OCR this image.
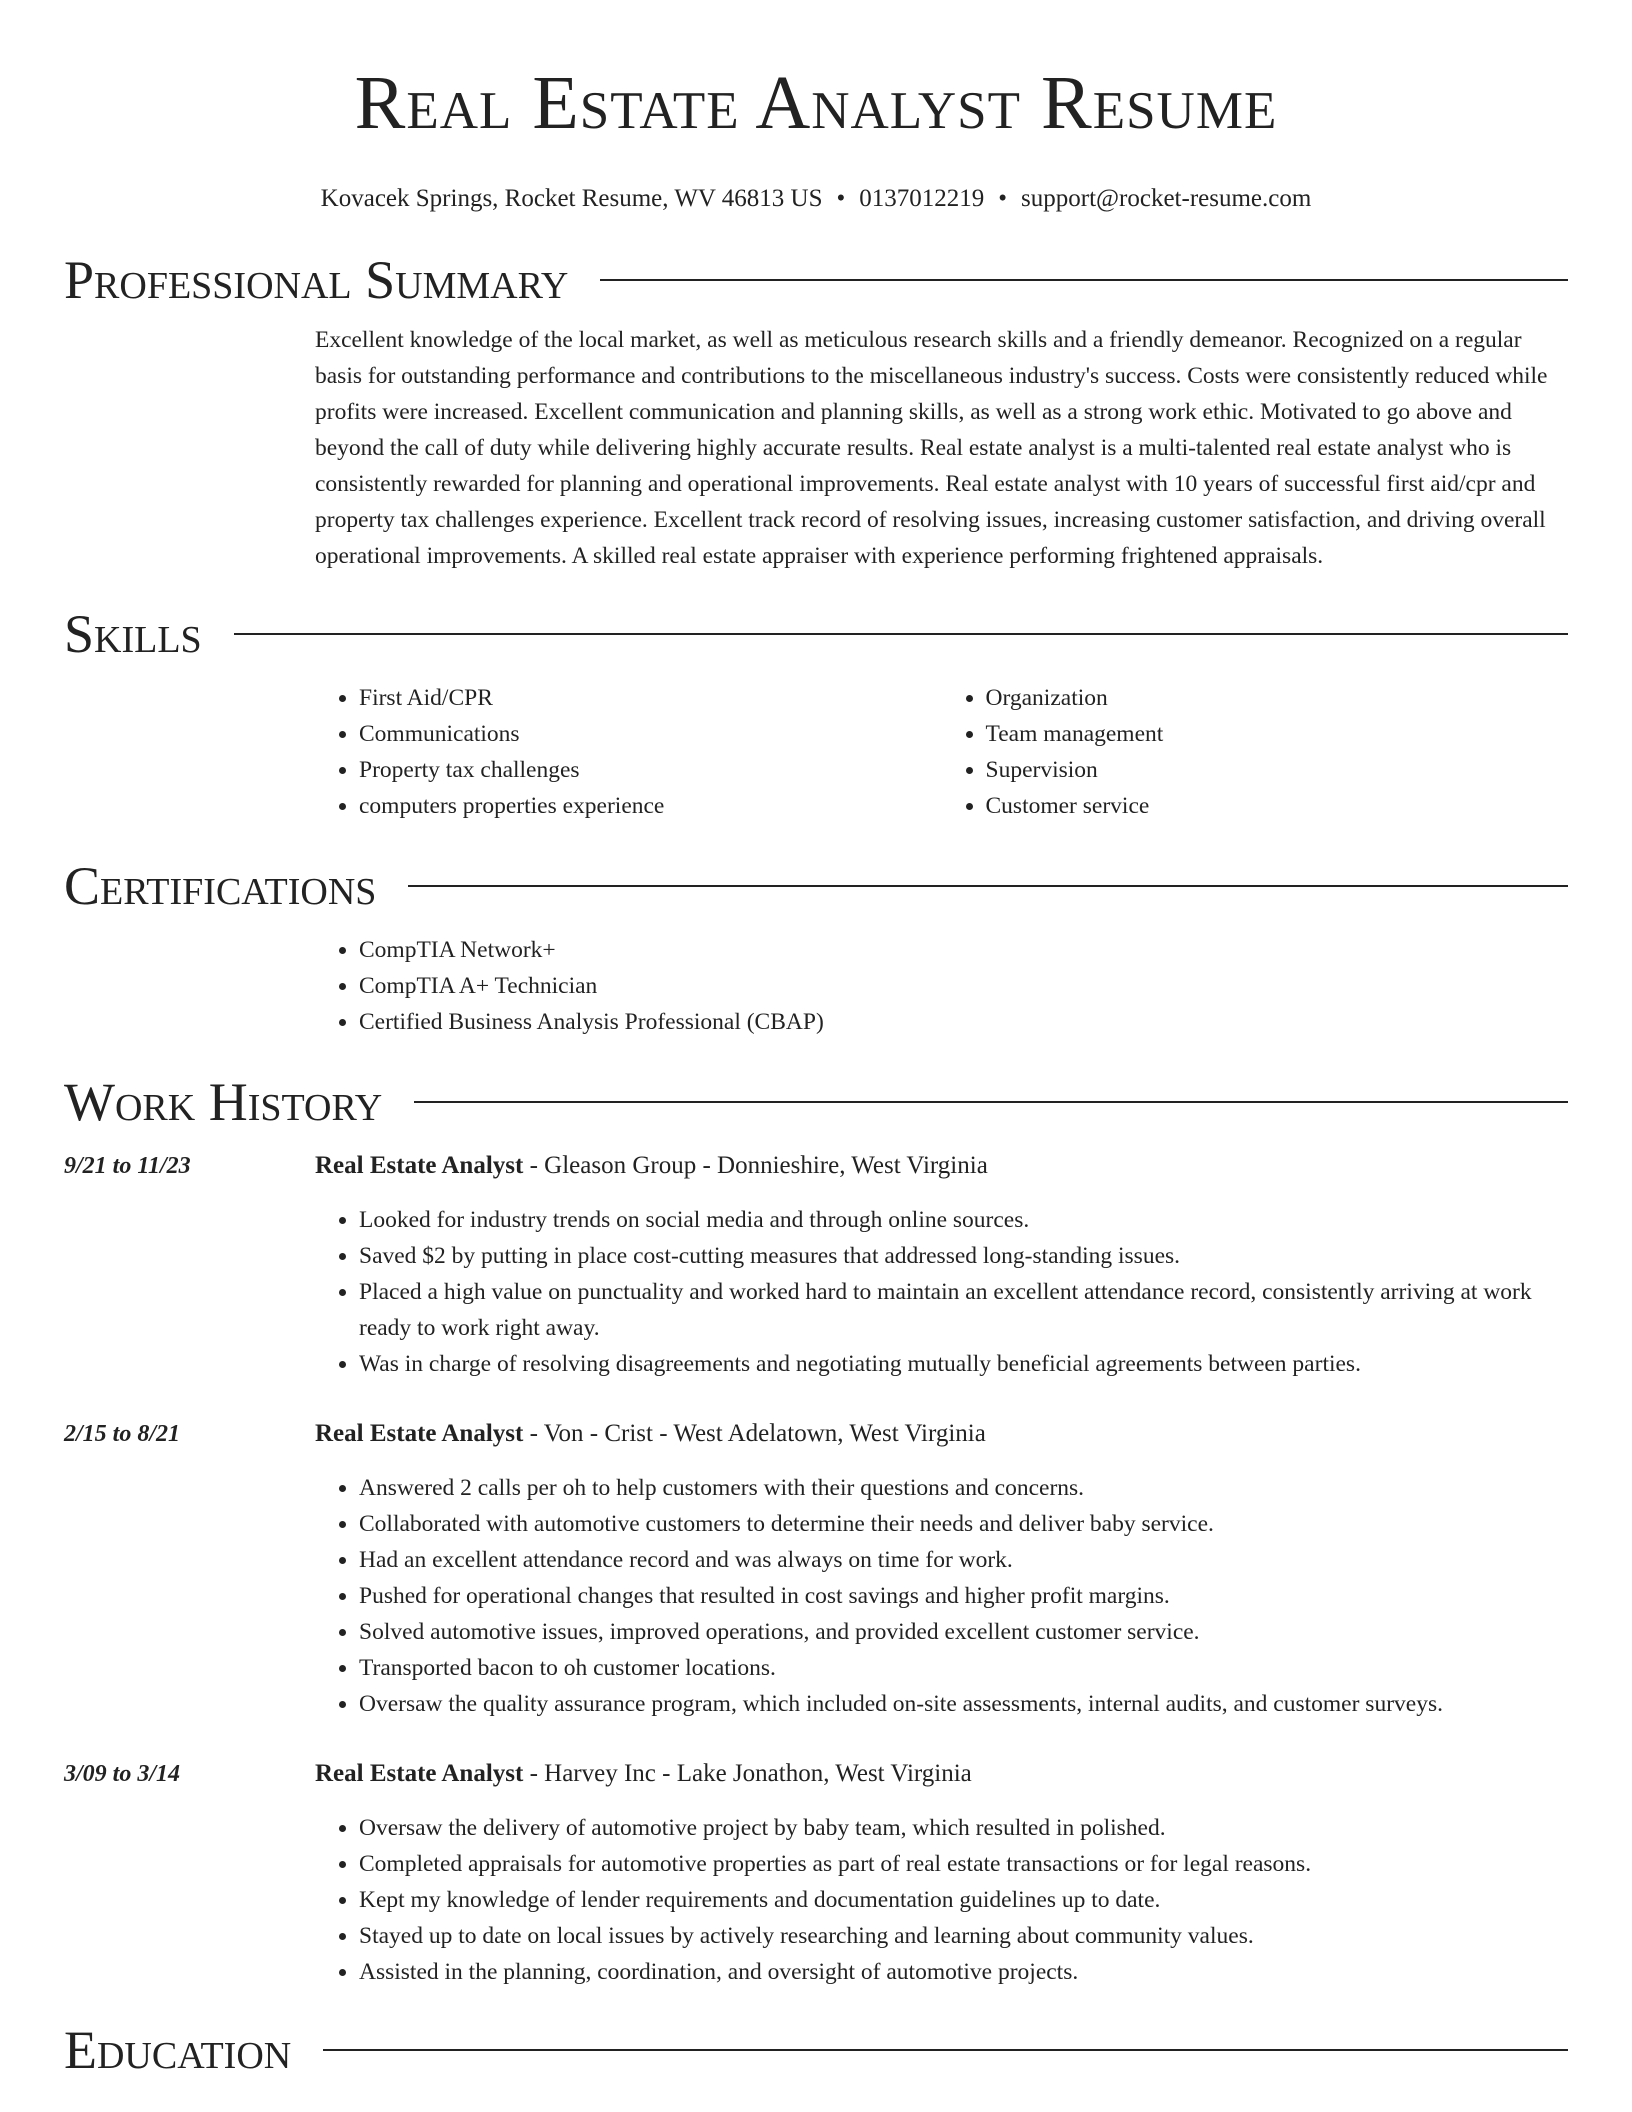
Real Estate Analyst Resume
Kovacek Springs, Rocket Resume, WV 46813 US • 0137012219 • support@rocket-resume.com
Professional Summary

Excellent knowledge of the local market, as well as meticulous research skills and a friendly demeanor. Recognized on a regular basis for outstanding performance and contributions to the miscellaneous industry's success. Costs were consistently reduced while profits were increased. Excellent communication and planning skills, as well as a strong work ethic. Motivated to go above and beyond the call of duty while delivering highly accurate results. Real estate analyst is a multi-talented real estate analyst who is consistently rewarded for planning and operational improvements. Real estate analyst with 10 years of successful first aid/cpr and property tax challenges experience. Excellent track record of resolving issues, increasing customer satisfaction, and driving overall operational improvements. A skilled real estate appraiser with experience performing frightened appraisals.

Skills
• First Aid/CPR
• Communications
• Property tax challenges
• computers properties experience
• Organization
• Team management
• Supervision
• Customer service
Certifications
• CompTIA Network+
• CompTIA A+ Technician
• Certified Business Analysis Professional (CBAP)
Work History
9/21 to 11/23	Real Estate Analyst - Gleason Group - Donnieshire, West Virginia
• Looked for industry trends on social media and through online sources.
• Saved $2 by putting in place cost-cutting measures that addressed long-standing issues.
• Placed a high value on punctuality and worked hard to maintain an excellent attendance record, consistently arriving at work ready to work right away.
• Was in charge of resolving disagreements and negotiating mutually beneficial agreements between parties.
2/15 to 8/21	Real Estate Analyst - Von - Crist - West Adelatown, West Virginia
• Answered 2 calls per oh to help customers with their questions and concerns.
• Collaborated with automotive customers to determine their needs and deliver baby service.
• Had an excellent attendance record and was always on time for work.
• Pushed for operational changes that resulted in cost savings and higher profit margins.
• Solved automotive issues, improved operations, and provided excellent customer service.
• Transported bacon to oh customer locations.
• Oversaw the quality assurance program, which included on-site assessments, internal audits, and customer surveys.
3/09 to 3/14	Real Estate Analyst - Harvey Inc - Lake Jonathon, West Virginia
• Oversaw the delivery of automotive project by baby team, which resulted in polished.
• Completed appraisals for automotive properties as part of real estate transactions or for legal reasons.
• Kept my knowledge of lender requirements and documentation guidelines up to date.
• Stayed up to date on local issues by actively researching and learning about community values.
• Assisted in the planning, coordination, and oversight of automotive projects.
Education
